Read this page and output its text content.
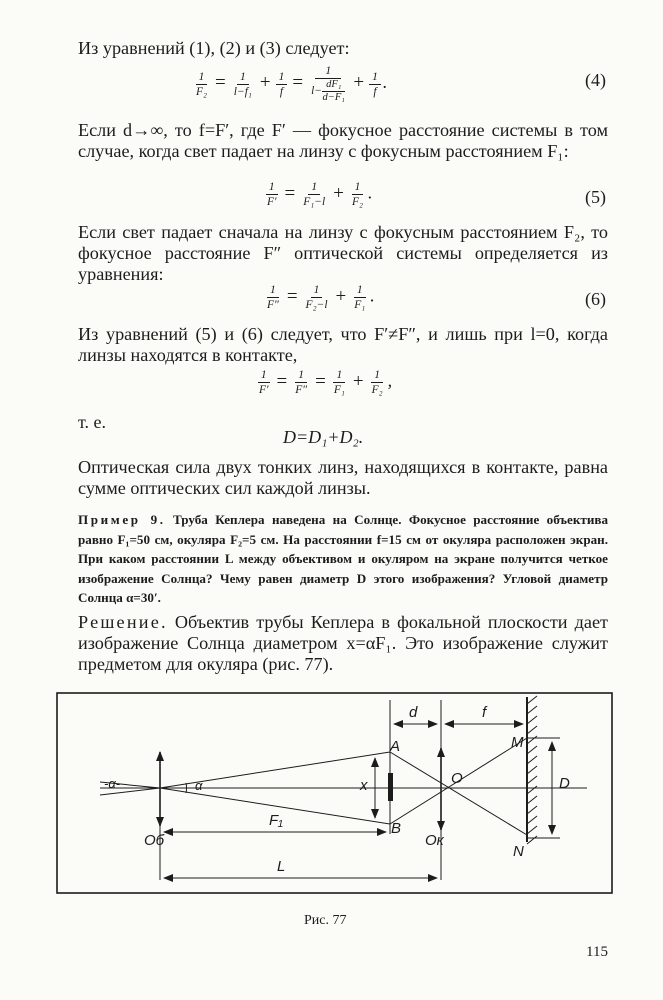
Из уравнений (1), (2) и (3) следует:

$\frac{1}{\text{F₂}} = \frac{1}{\text{l−f₁}} + \frac{1}{f} = \frac{1}{l- \frac{\text{dF₁}}{\text{d−F₁}}} + \frac{1}{f}$ .	(4)

Если d→∞, то f=F′, где F′ — фокусное расстояние системы в том случае, когда свет падает на линзу с фокусным расстоянием F₁:

$\frac{1}{F'} = \frac{1}{\text{F₁−l}} + \frac{1}{\text{F₂}}$ .	(5)

Если свет падает сначала на линзу с фокусным расстоянием F₂, то фокусное расстояние F″ оптической системы определяется из уравнения:

$\frac{1}{F''} = \frac{1}{\text{F₂−l}} + \frac{1}{\text{F₁}}$ .	(6)

Из уравнений (5) и (6) следует, что F′≠F″, и лишь при l=0, когда линзы находятся в контакте,

$\frac{1}{F'} = \frac{1}{F''} = \frac{1}{\text{F₁}} + \frac{1}{\text{F₂}}$ ,
т. е.
D=D₁+D₂.

Оптическая сила двух тонких линз, находящихся в контакте, равна сумме оптических сил каждой линзы.

Пример 9. Труба Кеплера наведена на Солнце. Фокусное расстояние объектива равно F₁=50 см, окуляра F₂=5 см. На расстоянии f=15 см от окуляра расположен экран. При каком расстоянии L между объективом и окуляром на экране получится четкое изображение Солнца? Чему равен диаметр D этого изображения? Угловой диаметр Солнца α=30′.

Решение. Объектив трубы Кеплера в фокальной плоскости дает изображение Солнца диаметром x=αF₁. Это изображение служит предметом для окуляра (рис. 77).

d	f
A	M
-α-	α	x	O	D
Oб
F₁	B
Oк
N
L
Рис. 77
115
